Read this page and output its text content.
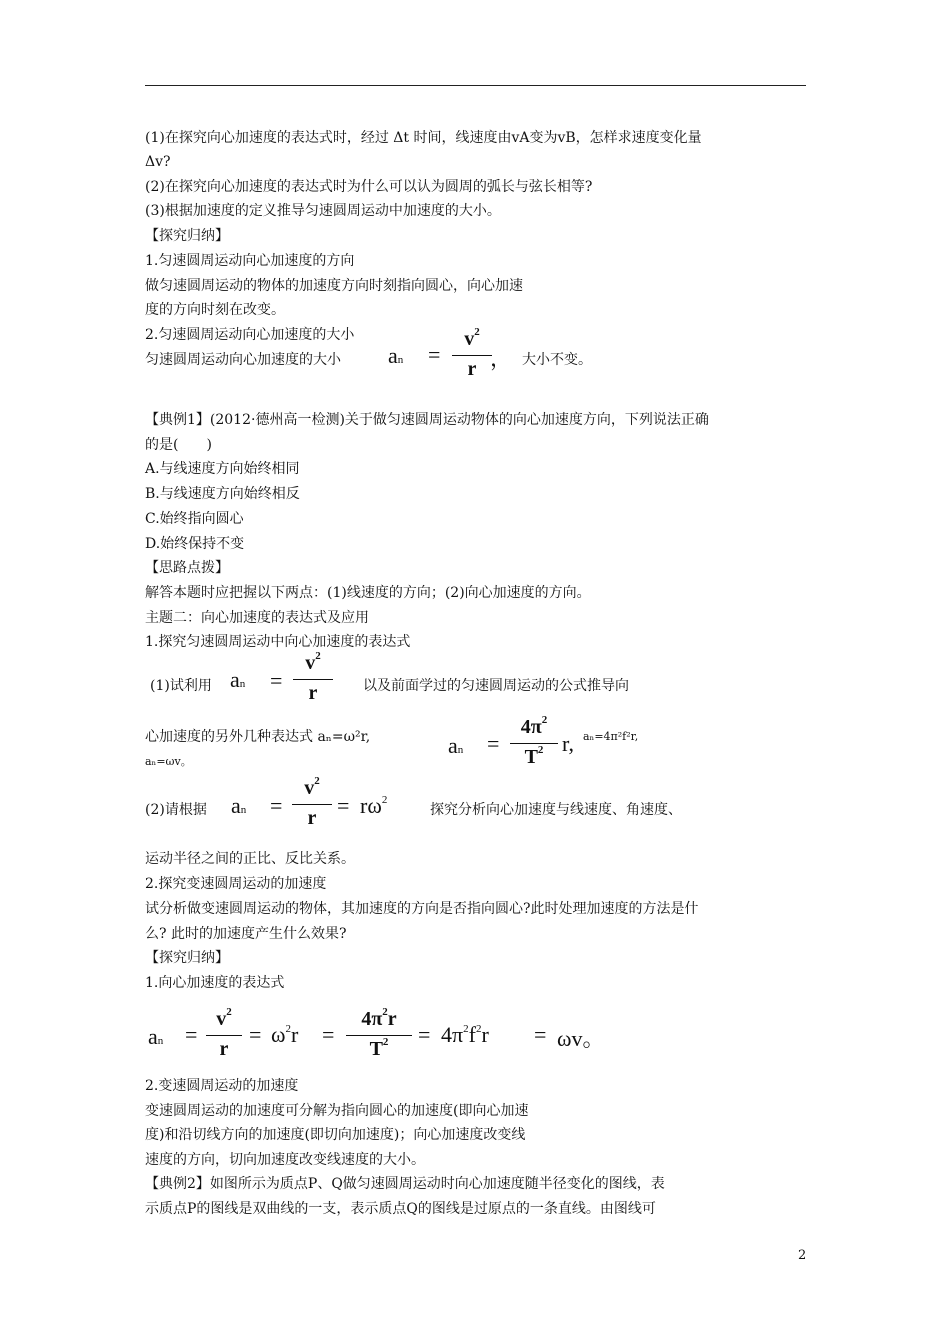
(1)在探究向心加速度的表达式时，经过 Δt 时间，线速度由vA变为vB，怎样求速度变化量
Δv?
(2)在探究向心加速度的表达式时为什么可以认为圆周的弧长与弦长相等?
(3)根据加速度的定义推导匀速圆周运动中加速度的大小。
【探究归纳】
1.匀速圆周运动向心加速度的方向
做匀速圆周运动的物体的加速度方向时刻指向圆心，向心加速
度的方向时刻在改变。
2.匀速圆周运动向心加速度的大小
匀速圆周运动向心加速度的大小 an =
$v^2$
r ， 大小不变。
【典例1】(2012·德州高一检测)关于做匀速圆周运动物体的向心加速度方向，下列说法正确
的是(　　)
A.与线速度方向始终相同
B.与线速度方向始终相反
C.始终指向圆心
D.始终保持不变
【思路点拨】
解答本题时应把握以下两点：(1)线速度的方向；(2)向心加速度的方向。
主题二：向心加速度的表达式及应用
1.探究匀速圆周运动中向心加速度的表达式
(1)试利用 an =
$v^2$
r	以及前面学过的匀速圆周运动的公式推导向
心加速度的另外几种表达式 aₙ=ω²r,	an =
$4\pi^2$
$T^2$ r, aₙ=4π²f²r,
aₙ=ωv。
(2)请根据 an =
$v^2$
$r = r\omega^2$
探究分析向心加速度与线速度、角速度、
运动半径之间的正比、反比关系。
2.探究变速圆周运动的加速度
试分析做变速圆周运动的物体，其加速度的方向是否指向圆心?此时处理加速度的方法是什
么? 此时的加速度产生什么效果?
【探究归纳】
1.向心加速度的表达式
an =
$v^2$
r
= $\omega^2r$ =
$4\pi^2r$
$T^2$	= $4\pi^2f^2r = \omega v$。
2.变速圆周运动的加速度
变速圆周运动的加速度可分解为指向圆心的加速度(即向心加速
度)和沿切线方向的加速度(即切向加速度)；向心加速度改变线
速度的方向，切向加速度改变线速度的大小。
【典例2】如图所示为质点P、Q做匀速圆周运动时向心加速度随半径变化的图线，表
示质点P的图线是双曲线的一支，表示质点Q的图线是过原点的一条直线。由图线可
2
